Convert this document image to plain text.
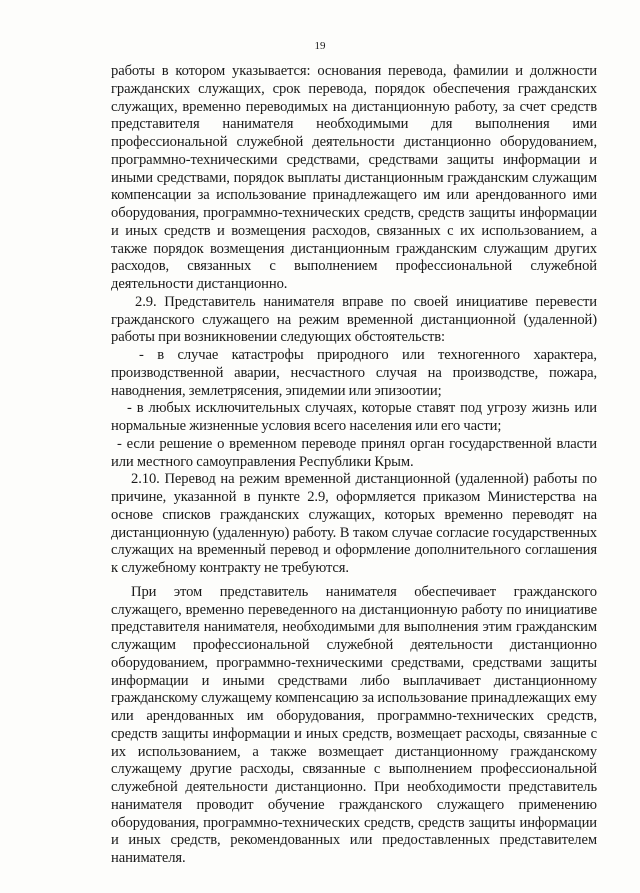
19

работы в котором указывается: основания перевода, фамилии и должности гражданских служащих, срок перевода, порядок обеспечения гражданских служащих, временно переводимых на дистанционную работу, за счет средств представителя нанимателя необходимыми для выполнения ими профессиональной служебной деятельности дистанционно оборудованием, программно-техническими средствами, средствами защиты информации и иными средствами, порядок выплаты дистанционным гражданским служащим компенсации за использование принадлежащего им или арендованного ими оборудования, программно-технических средств, средств защиты информации и иных средств и возмещения расходов, связанных с их использованием, а также порядок возмещения дистанционным гражданским служащим других расходов, связанных с выполнением профессиональной служебной деятельности дистанционно.

2.9. Представитель нанимателя вправе по своей инициативе перевести гражданского служащего на режим временной дистанционной (удаленной) работы при возникновении следующих обстоятельств:

- в случае катастрофы природного или техногенного характера, производственной аварии, несчастного случая на производстве, пожара, наводнения, землетрясения, эпидемии или эпизоотии;

- в любых исключительных случаях, которые ставят под угрозу жизнь или нормальные жизненные условия всего населения или его части;

- если решение о временном переводе принял орган государственной власти или местного самоуправления Республики Крым.

2.10. Перевод на режим временной дистанционной (удаленной) работы по причине, указанной в пункте 2.9, оформляется приказом Министерства на основе списков гражданских служащих, которых временно переводят на дистанционную (удаленную) работу. В таком случае согласие государственных служащих на временный перевод и оформление дополнительного соглашения к служебному контракту не требуются.

При этом представитель нанимателя обеспечивает гражданского служащего, временно переведенного на дистанционную работу по инициативе представителя нанимателя, необходимыми для выполнения этим гражданским служащим профессиональной служебной деятельности дистанционно оборудованием, программно-техническими средствами, средствами защиты информации и иными средствами либо выплачивает дистанционному гражданскому служащему компенсацию за использование принадлежащих ему или арендованных им оборудования, программно-технических средств, средств защиты информации и иных средств, возмещает расходы, связанные с их использованием, а также возмещает дистанционному гражданскому служащему другие расходы, связанные с выполнением профессиональной служебной деятельности дистанционно. При необходимости представитель нанимателя проводит обучение гражданского служащего применению оборудования, программно-технических средств, средств защиты информации и иных средств, рекомендованных или предоставленных представителем нанимателя.
